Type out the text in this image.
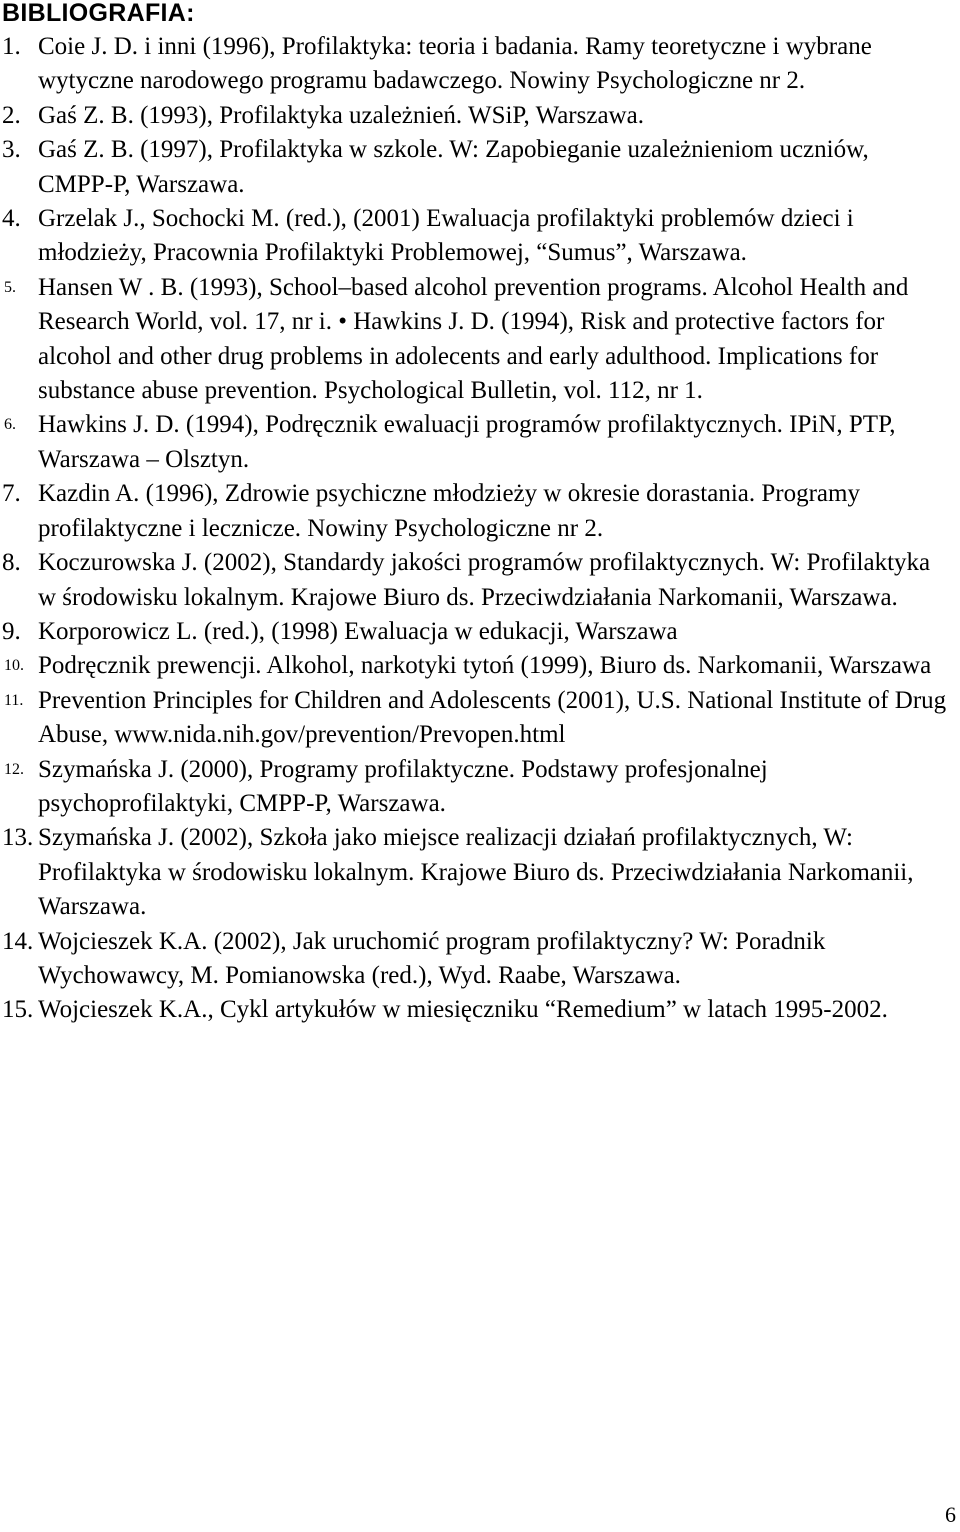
BIBLIOGRAFIA:
1. Coie J. D. i inni (1996), Profilaktyka: teoria i badania. Ramy teoretyczne i wybrane wytyczne narodowego programu badawczego. Nowiny Psychologiczne nr 2.
2. Gaś Z. B. (1993), Profilaktyka uzależnień. WSiP, Warszawa.
3. Gaś Z. B. (1997), Profilaktyka w szkole. W: Zapobieganie uzależnieniom uczniów, CMPP-P, Warszawa.
4. Grzelak J., Sochocki M. (red.), (2001) Ewaluacja profilaktyki problemów dzieci i młodzieży, Pracownia Profilaktyki Problemowej, “Sumus”, Warszawa.
5. Hansen W . B. (1993), School–based alcohol prevention programs. Alcohol Health and Research World, vol. 17, nr i. • Hawkins J. D. (1994), Risk and protective factors for alcohol and other drug problems in adolecents and early adulthood. Implications for substance abuse prevention. Psychological Bulletin, vol. 112, nr 1.
6. Hawkins J. D. (1994), Podręcznik ewaluacji programów profilaktycznych. IPiN, PTP, Warszawa – Olsztyn.
7. Kazdin A. (1996), Zdrowie psychiczne młodzieży w okresie dorastania. Programy profilaktyczne i lecznicze. Nowiny Psychologiczne nr 2.
8. Koczurowska J. (2002), Standardy jakości programów profilaktycznych. W: Profilaktyka w środowisku lokalnym. Krajowe Biuro ds. Przeciwdziałania Narkomanii, Warszawa.
9. Korporowicz L. (red.), (1998) Ewaluacja w edukacji, Warszawa
10. Podręcznik prewencji. Alkohol, narkotyki tytoń (1999), Biuro ds. Narkomanii, Warszawa
11. Prevention Principles for Children and Adolescents (2001), U.S. National Institute of Drug Abuse, www.nida.nih.gov/prevention/Prevopen.html
12. Szymańska J. (2000), Programy profilaktyczne. Podstawy profesjonalnej psychoprofilaktyki, CMPP-P, Warszawa.
13. Szymańska J. (2002), Szkoła jako miejsce realizacji działań profilaktycznych, W: Profilaktyka w środowisku lokalnym. Krajowe Biuro ds. Przeciwdziałania Narkomanii, Warszawa.
14. Wojcieszek K.A. (2002), Jak uruchomić program profilaktyczny? W: Poradnik Wychowawcy, M. Pomianowska (red.), Wyd. Raabe, Warszawa.
15. Wojcieszek K.A., Cykl artykułów w miesięczniku “Remedium” w latach 1995-2002.
6
